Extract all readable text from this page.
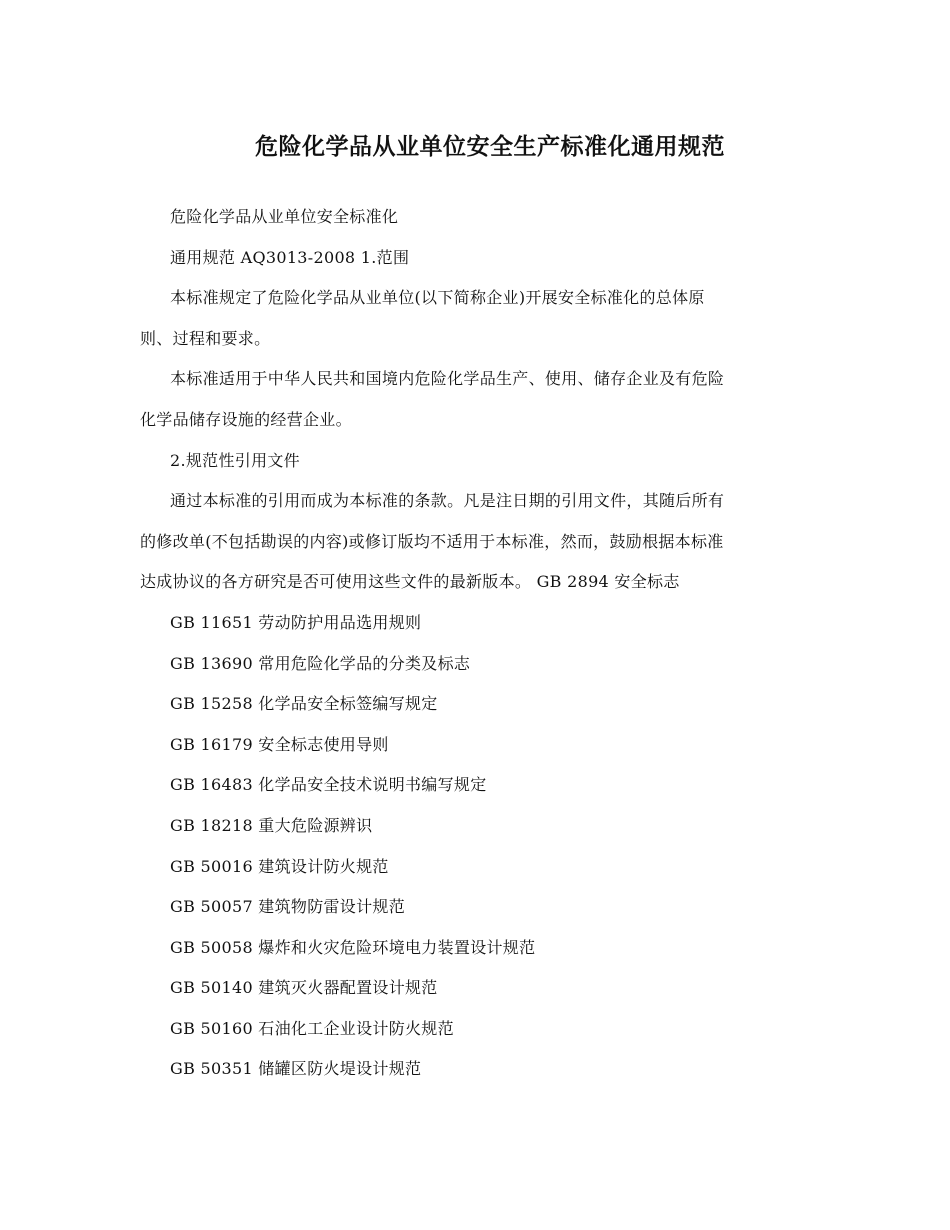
危险化学品从业单位安全生产标准化通用规范
危险化学品从业单位安全标准化
通用规范 AQ3013-2008 1.范围
本标准规定了危险化学品从业单位(以下简称企业)开展安全标准化的总体原
则、过程和要求。
本标准适用于中华人民共和国境内危险化学品生产、使用、储存企业及有危险
化学品储存设施的经营企业。
2.规范性引用文件
通过本标准的引用而成为本标准的条款。凡是注日期的引用文件，其随后所有
的修改单(不包括勘误的内容)或修订版均不适用于本标准，然而，鼓励根据本标准
达成协议的各方研究是否可使用这些文件的最新版本。 GB 2894 安全标志
GB 11651 劳动防护用品选用规则
GB 13690 常用危险化学品的分类及标志
GB 15258 化学品安全标签编写规定
GB 16179 安全标志使用导则
GB 16483 化学品安全技术说明书编写规定
GB 18218 重大危险源辨识
GB 50016 建筑设计防火规范
GB 50057 建筑物防雷设计规范
GB 50058 爆炸和火灾危险环境电力装置设计规范
GB 50140 建筑灭火器配置设计规范
GB 50160 石油化工企业设计防火规范
GB 50351 储罐区防火堤设计规范
